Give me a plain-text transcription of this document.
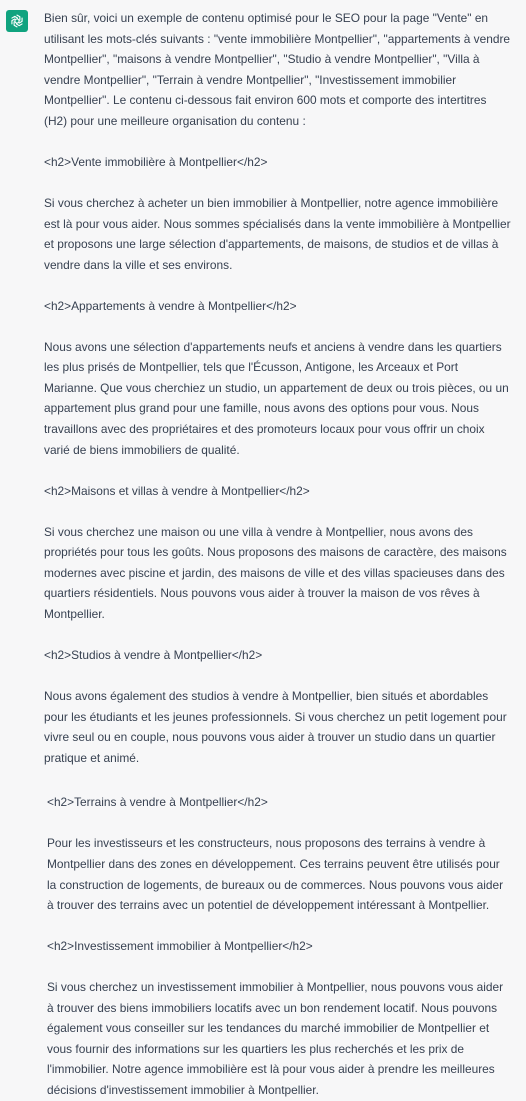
Bien sûr, voici un exemple de contenu optimisé pour le SEO pour la page "Vente" en utilisant les mots-clés suivants : "vente immobilière Montpellier", "appartements à vendre Montpellier", "maisons à vendre Montpellier", "Studio à vendre Montpellier", "Villa à vendre Montpellier", "Terrain à vendre Montpellier", "Investissement immobilier Montpellier". Le contenu ci-dessous fait environ 600 mots et comporte des intertitres (H2) pour une meilleure organisation du contenu :

<h2>Vente immobilière à Montpellier</h2>

Si vous cherchez à acheter un bien immobilier à Montpellier, notre agence immobilière est là pour vous aider. Nous sommes spécialisés dans la vente immobilière à Montpellier et proposons une large sélection d'appartements, de maisons, de studios et de villas à vendre dans la ville et ses environs.

<h2>Appartements à vendre à Montpellier</h2>

Nous avons une sélection d'appartements neufs et anciens à vendre dans les quartiers les plus prisés de Montpellier, tels que l'Écusson, Antigone, les Arceaux et Port Marianne. Que vous cherchiez un studio, un appartement de deux ou trois pièces, ou un appartement plus grand pour une famille, nous avons des options pour vous. Nous travaillons avec des propriétaires et des promoteurs locaux pour vous offrir un choix varié de biens immobiliers de qualité.

<h2>Maisons et villas à vendre à Montpellier</h2>

Si vous cherchez une maison ou une villa à vendre à Montpellier, nous avons des propriétés pour tous les goûts. Nous proposons des maisons de caractère, des maisons modernes avec piscine et jardin, des maisons de ville et des villas spacieuses dans des quartiers résidentiels. Nous pouvons vous aider à trouver la maison de vos rêves à Montpellier.

<h2>Studios à vendre à Montpellier</h2>

Nous avons également des studios à vendre à Montpellier, bien situés et abordables pour les étudiants et les jeunes professionnels. Si vous cherchez un petit logement pour vivre seul ou en couple, nous pouvons vous aider à trouver un studio dans un quartier pratique et animé.

<h2>Terrains à vendre à Montpellier</h2>

Pour les investisseurs et les constructeurs, nous proposons des terrains à vendre à Montpellier dans des zones en développement. Ces terrains peuvent être utilisés pour la construction de logements, de bureaux ou de commerces. Nous pouvons vous aider à trouver des terrains avec un potentiel de développement intéressant à Montpellier.

<h2>Investissement immobilier à Montpellier</h2>

Si vous cherchez un investissement immobilier à Montpellier, nous pouvons vous aider à trouver des biens immobiliers locatifs avec un bon rendement locatif. Nous pouvons également vous conseiller sur les tendances du marché immobilier de Montpellier et vous fournir des informations sur les quartiers les plus recherchés et les prix de l'immobilier. Notre agence immobilière est là pour vous aider à prendre les meilleures décisions d'investissement immobilier à Montpellier.
